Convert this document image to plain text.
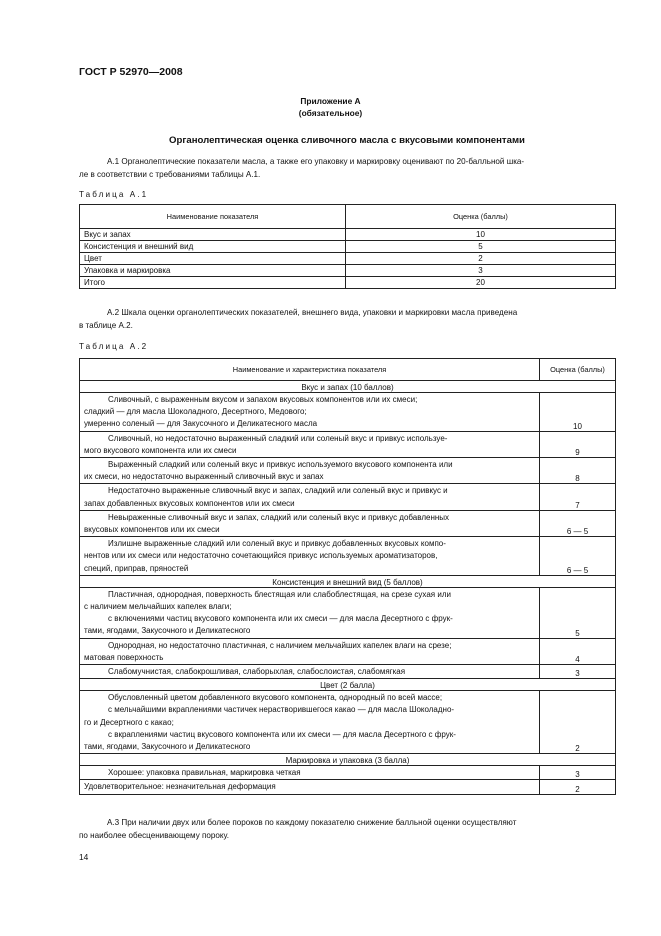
ГОСТ Р 52970—2008
Приложение А
(обязательное)
Органолептическая оценка сливочного масла с вкусовыми компонентами
А.1 Органолептические показатели масла, а также его упаковку и маркировку оценивают по 20-балльной шка-
ле в соответствии с требованиями таблицы А.1.
Таблица А.1
Наименование показателя	Оценка (баллы)
Вкус и запах	10
Консистенция и внешний вид	5
Цвет	2
Упаковка и маркировка	3
Итого	20
А.2 Шкала оценки органолептических показателей, внешнего вида, упаковки и маркировки масла приведена
в таблице А.2.
Таблица А.2
Наименование и характеристика показателя	Оценка (баллы)
Вкус и запах (10 баллов)	

Сливочный, с выраженным вкусом и запахом вкусовых компонентов или их смеси;
сладкий — для масла Шоколадного, Десертного, Медового;
умеренно соленый — для Закусочного и Деликатесного масла	10

Сливочный, но недостаточно выраженный сладкий или соленый вкус и привкус используе-
мого вкусового компонента или их смеси	9

Выраженный сладкий или соленый вкус и привкус используемого вкусового компонента или
их смеси, но недостаточно выраженный сливочный вкус и запах	8

Недостаточно выраженные сливочный вкус и запах, сладкий или соленый вкус и привкус и
запах добавленных вкусовых компонентов или их смеси	7

Невыраженные сливочный вкус и запах, сладкий или соленый вкус и привкус добавленных
вкусовых компонентов или их смеси	6 — 5

Излишне выраженные сладкий или соленый вкус и привкус добавленных вкусовых компо-
нентов или их смеси или недостаточно сочетающийся привкус используемых ароматизаторов,
специй, приправ, пряностей	6 — 5
Консистенция и внешний вид (5 баллов)	

Пластичная, однородная, поверхность блестящая или слабоблестящая, на срезе сухая или
с наличием мельчайших капелек влаги;
с включениями частиц вкусового компонента или их смеси — для масла Десертного с фрук-
тами, ягодами, Закусочного и Деликатесного	5

Однородная, но недостаточно пластичная, с наличием мельчайших капелек влаги на срезе;
матовая поверхность	4

Слабомучнистая, слабокрошливая, слаборыхлая, слабослоистая, слабомягкая	3
Цвет (2 балла)	

Обусловленный цветом добавленного вкусового компонента, однородный по всей массе;
с мельчайшими вкраплениями частичек нерастворившегося какао — для масла Шоколадно-
го и Десертного с какао;
с вкраплениями частиц вкусового компонента или их смеси — для масла Десертного с фрук-
тами, ягодами, Закусочного и Деликатесного	2
Маркировка и упаковка (3 балла)	

Хорошее: упаковка правильная, маркировка четкая	3

Удовлетворительное: незначительная деформация	2
А.3 При наличии двух или более пороков по каждому показателю снижение балльной оценки осуществляют
по наиболее обесценивающему пороку.
14
